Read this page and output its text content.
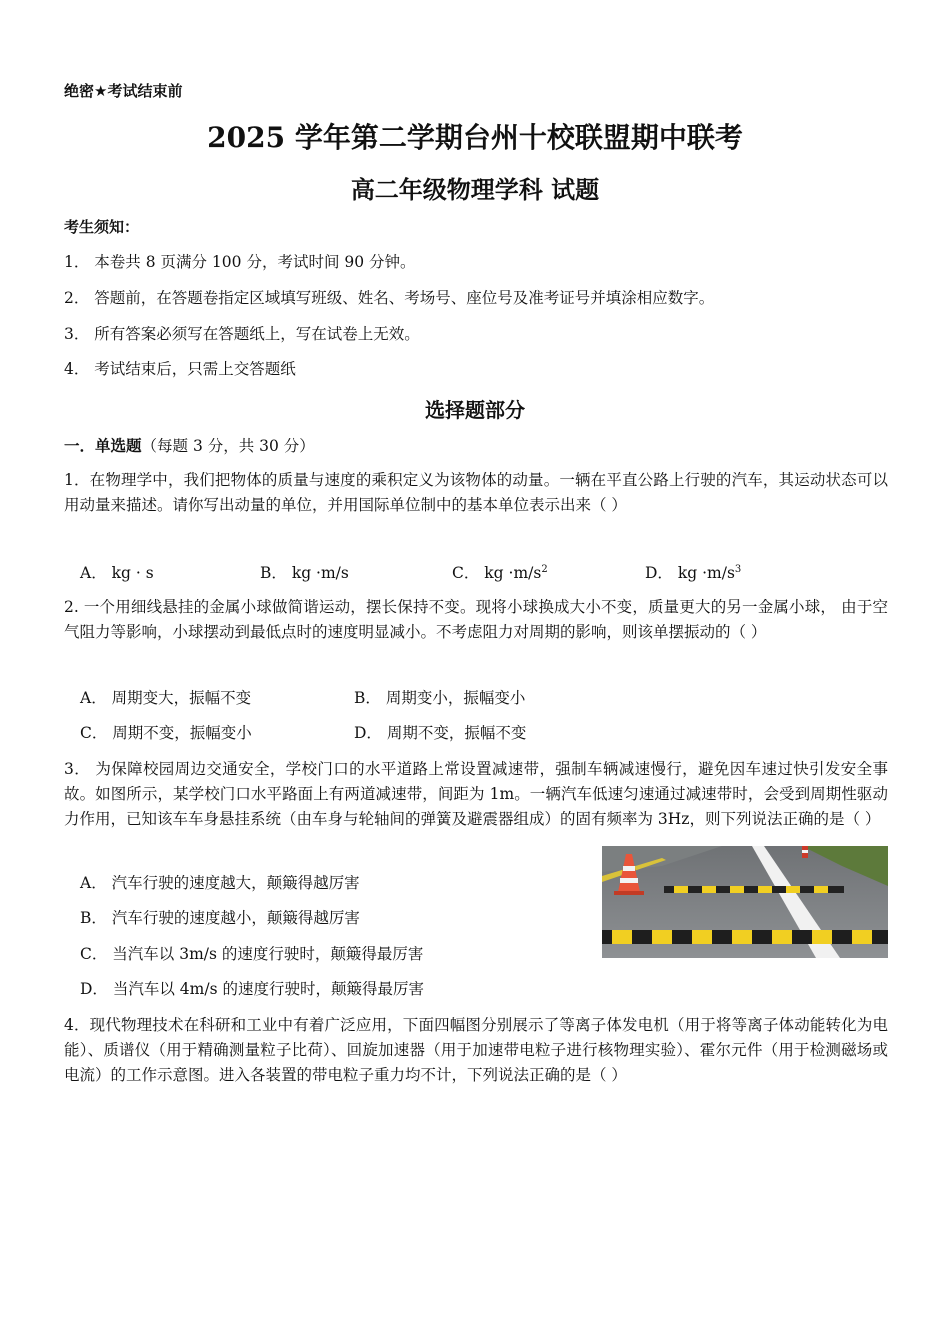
绝密★考试结束前
2025 学年第二学期台州十校联盟期中联考
高二年级物理学科 试题
考生须知：
1． 本卷共 8 页满分 100 分，考试时间 90 分钟。
2． 答题前，在答题卷指定区域填写班级、姓名、考场号、座位号及准考证号并填涂相应数字。
3． 所有答案必须写在答题纸上，写在试卷上无效。
4． 考试结束后，只需上交答题纸
选择题部分
一．单选题（每题 3 分，共 30 分）
1．在物理学中，我们把物体的质量与速度的乘积定义为该物体的动量。一辆在平直公路上行驶的汽车，其运动状态可以用动量来描述。请你写出动量的单位，并用国际单位制中的基本单位表示出来（ ）
A． kg · s	B． kg ·m/s	C． kg $\cdot m/s^2$	D． kg $\cdot m/s^3$
2. 一个用细线悬挂的金属小球做简谐运动，摆长保持不变。现将小球换成大小不变，质量更大的另一金属小球， 由于空气阻力等影响，小球摆动到最低点时的速度明显减小。不考虑阻力对周期的影响，则该单摆振动的（ ）
A． 周期变大，振幅不变	B． 周期变小，振幅变小
C． 周期不变，振幅变小	D． 周期不变，振幅不变
3． 为保障校园周边交通安全，学校门口的水平道路上常设置减速带，强制车辆减速慢行，避免因车速过快引发安全事故。如图所示，某学校门口水平路面上有两道减速带，间距为 1m。一辆汽车低速匀速通过减速带时，会受到周期性驱动力作用，已知该车车身悬挂系统（由车身与轮轴间的弹簧及避震器组成）的固有频率为 3Hz，则下列说法正确的是（ ）
A． 汽车行驶的速度越大，颠簸得越厉害
B． 汽车行驶的速度越小，颠簸得越厉害
C． 当汽车以 3m/s 的速度行驶时，颠簸得最厉害
D． 当汽车以 4m/s 的速度行驶时，颠簸得最厉害
4．现代物理技术在科研和工业中有着广泛应用，下面四幅图分别展示了等离子体发电机（用于将等离子体动能转化为电能）、质谱仪（用于精确测量粒子比荷）、回旋加速器（用于加速带电粒子进行核物理实验）、霍尔元件（用于检测磁场或电流）的工作示意图。进入各装置的带电粒子重力均不计，下列说法正确的是（ ）
